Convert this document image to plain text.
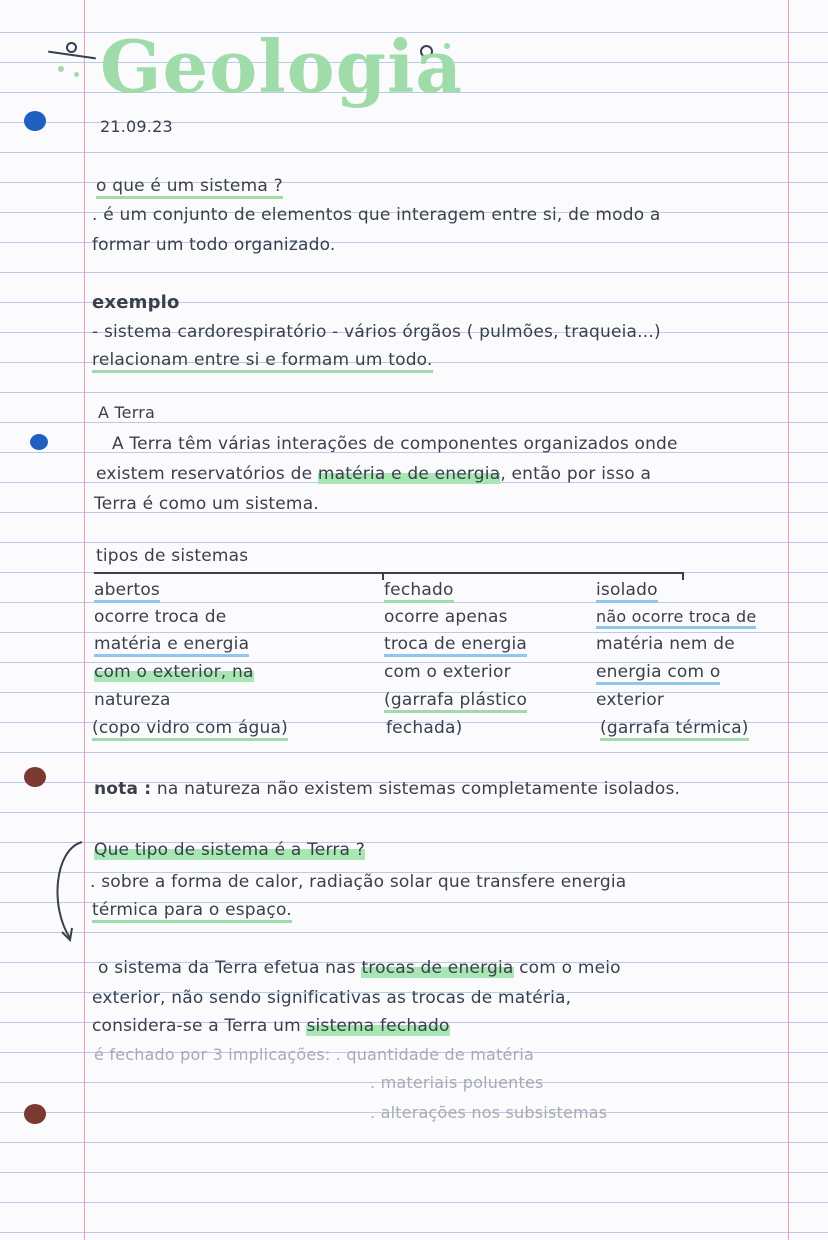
Geologia
21.09.23
o que é um sistema ?
. é um conjunto de elementos que interagem entre si, de modo a
formar um todo organizado.
exemplo
- sistema cardorespiratório - vários órgãos ( pulmões, traqueia...)
relacionam entre si e formam um todo.
A Terra
A Terra têm várias interações de componentes organizados onde
existem reservatórios de matéria e de energia, então por isso a
Terra é como um sistema.
tipos de sistemas
abertos
ocorre troca de
matéria e energia
com o exterior, na
natureza
(copo vidro com água)
fechado
ocorre apenas
troca de energia
com o exterior
(garrafa plástico
fechada)
isolado
não ocorre troca de
matéria nem de
energia com o
exterior
(garrafa térmica)
nota : na natureza não existem sistemas completamente isolados.
Que tipo de sistema é a Terra ?
. sobre a forma de calor, radiação solar que transfere energia
térmica para o espaço.
o sistema da Terra efetua nas trocas de energia com o meio
exterior, não sendo significativas as trocas de matéria,
considera-se a Terra um sistema fechado
é fechado por 3 implicações: . quantidade de matéria
. materiais poluentes
. alterações nos subsistemas
